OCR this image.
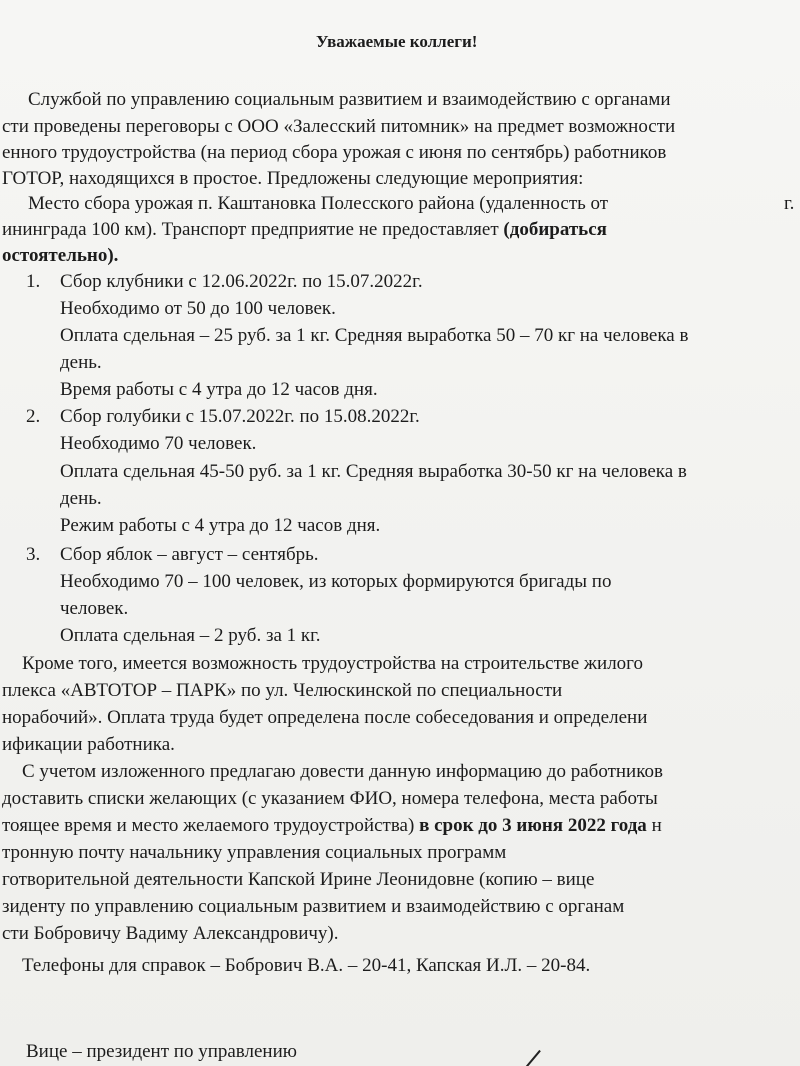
Уважаемые коллеги!
Службой по управлению социальным развитием и взаимодействию с органами
сти проведены переговоры с ООО «Залесский питомник» на предмет возможности
енного трудоустройства (на период сбора урожая с июня по сентябрь) работников
ГОТОР, находящихся в простое. Предложены следующие мероприятия:
Место сбора урожая п. Каштановка Полесского района (удаленность от	г.
ининграда 100 км). Транспорт предприятие не предоставляет (добираться
остоятельно).
1. Сбор клубники с 12.06.2022г. по 15.07.2022г.
Необходимо от 50 до 100 человек.
Оплата сдельная – 25 руб. за 1 кг. Средняя выработка 50 – 70 кг на человека в
день.
Время работы с 4 утра до 12 часов дня.
2. Сбор голубики с 15.07.2022г. по 15.08.2022г.
Необходимо 70 человек.
Оплата сдельная 45-50 руб. за 1 кг. Средняя выработка 30-50 кг на человека в
день.
Режим работы с 4 утра до 12 часов дня.
3. Сбор яблок – август – сентябрь.
Необходимо 70 – 100 человек, из которых формируются бригады по
человек.
Оплата сдельная – 2 руб. за 1 кг.
Кроме того, имеется возможность трудоустройства на строительстве жилого
плекса «АВТОТОР – ПАРК» по ул. Челюскинской по специальности
норабочий». Оплата труда будет определена после собеседования и определени
ификации работника.
С учетом изложенного предлагаю довести данную информацию до работников
доставить списки желающих (с указанием ФИО, номера телефона, места работы
тоящее время и место желаемого трудоустройства) в срок до 3 июня 2022 года н
тронную почту начальнику управления социальных программ
готворительной деятельности Капской Ирине Леонидовне (копию – вице
зиденту по управлению социальным развитием и взаимодействию с органам
сти Бобровичу Вадиму Александровичу).
Телефоны для справок – Бобрович В.А. – 20-41, Капская И.Л. – 20-84.
Вице – президент по управлению
